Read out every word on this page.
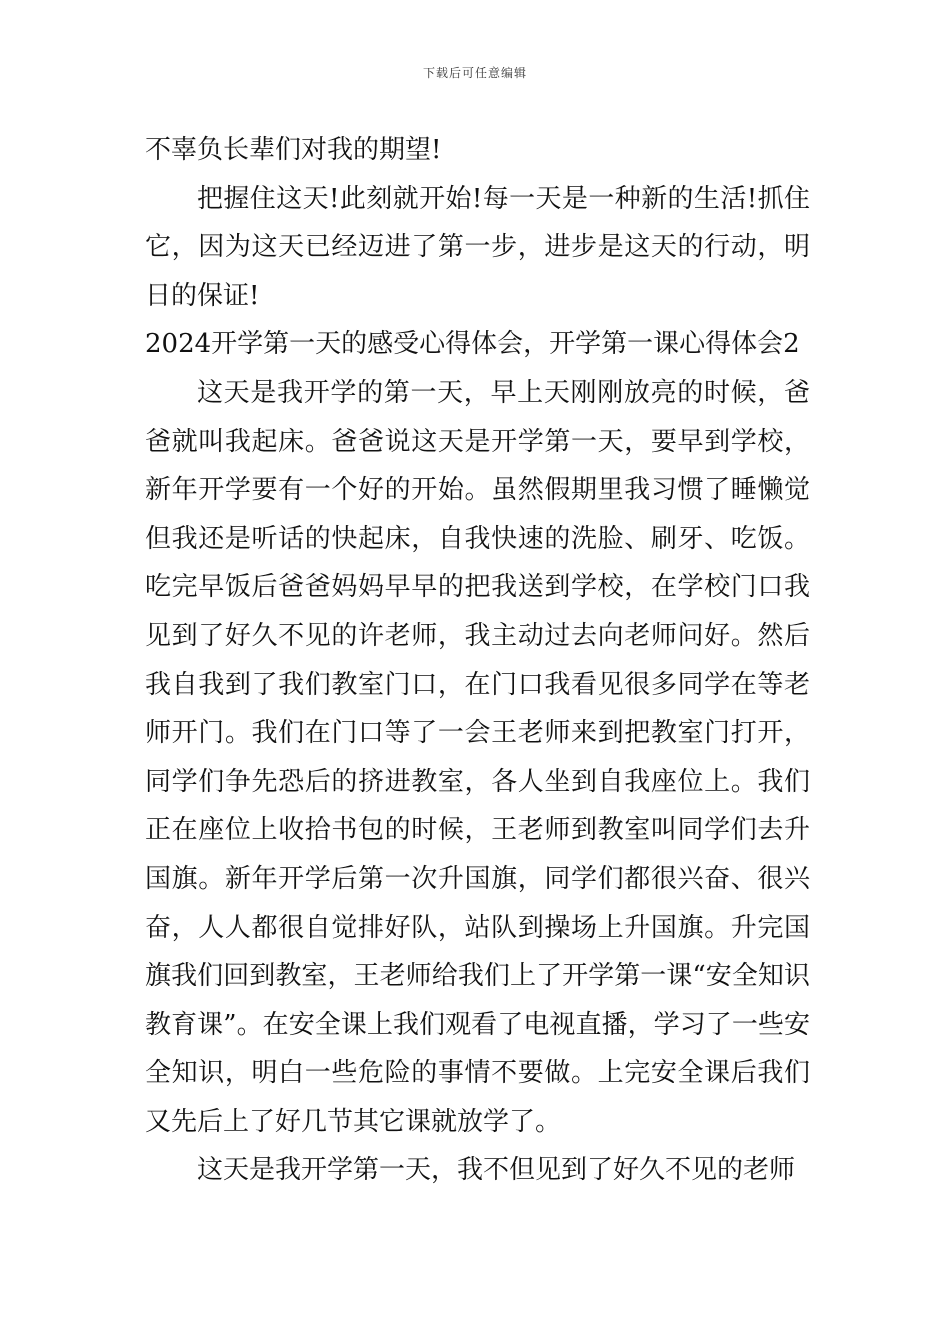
下载后可任意编辑

不辜负长辈们对我的期望!

把握住这天!此刻就开始!每一天是一种新的生活!抓住它，因为这天已经迈进了第一步，进步是这天的行动，明日的保证!

2024开学第一天的感受心得体会，开学第一课心得体会2

这天是我开学的第一天，早上天刚刚放亮的时候，爸爸就叫我起床。爸爸说这天是开学第一天，要早到学校，新年开学要有一个好的开始。虽然假期里我习惯了睡懒觉但我还是听话的快起床，自我快速的洗脸、刷牙、吃饭。吃完早饭后爸爸妈妈早早的把我送到学校，在学校门口我见到了好久不见的许老师，我主动过去向老师问好。然后我自我到了我们教室门口，在门口我看见很多同学在等老师开门。我们在门口等了一会王老师来到把教室门打开，同学们争先恐后的挤进教室，各人坐到自我座位上。我们正在座位上收拾书包的时候，王老师到教室叫同学们去升国旗。新年开学后第一次升国旗，同学们都很兴奋、很兴奋，人人都很自觉排好队，站队到操场上升国旗。升完国旗我们回到教室，王老师给我们上了开学第一课“安全知识教育课”。在安全课上我们观看了电视直播，学习了一些安全知识，明白一些危险的事情不要做。上完安全课后我们又先后上了好几节其它课就放学了。

这天是我开学第一天，我不但见到了好久不见的老师
